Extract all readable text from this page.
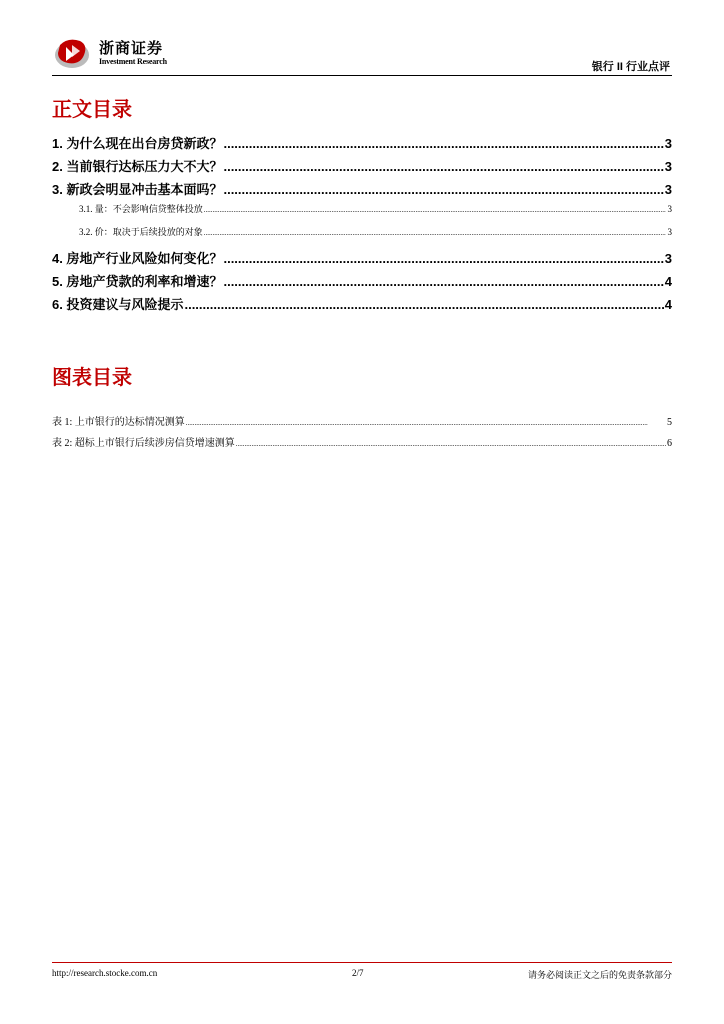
浙商证券
Investment Research	银行 II 行业点评
正文目录
1. 为什么现在出台房贷新政？ .....	3
2. 当前银行达标压力大不大？ .....	3
3. 新政会明显冲击基本面吗？ .....	3
3.1. 量：不会影响信贷整体投放 .....	3
3.2. 价：取决于后续投放的对象 .....	3
4. 房地产行业风险如何变化？ .....	3
5. 房地产贷款的利率和增速？ .....	4
6. 投资建议与风险提示 .....	4
图表目录
表 1: 上市银行的达标情况测算 .....	5
表 2: 超标上市银行后续涉房信贷增速测算 .....	6
http://research.stocke.com.cn	2/7	请务必阅读正文之后的免责条款部分
